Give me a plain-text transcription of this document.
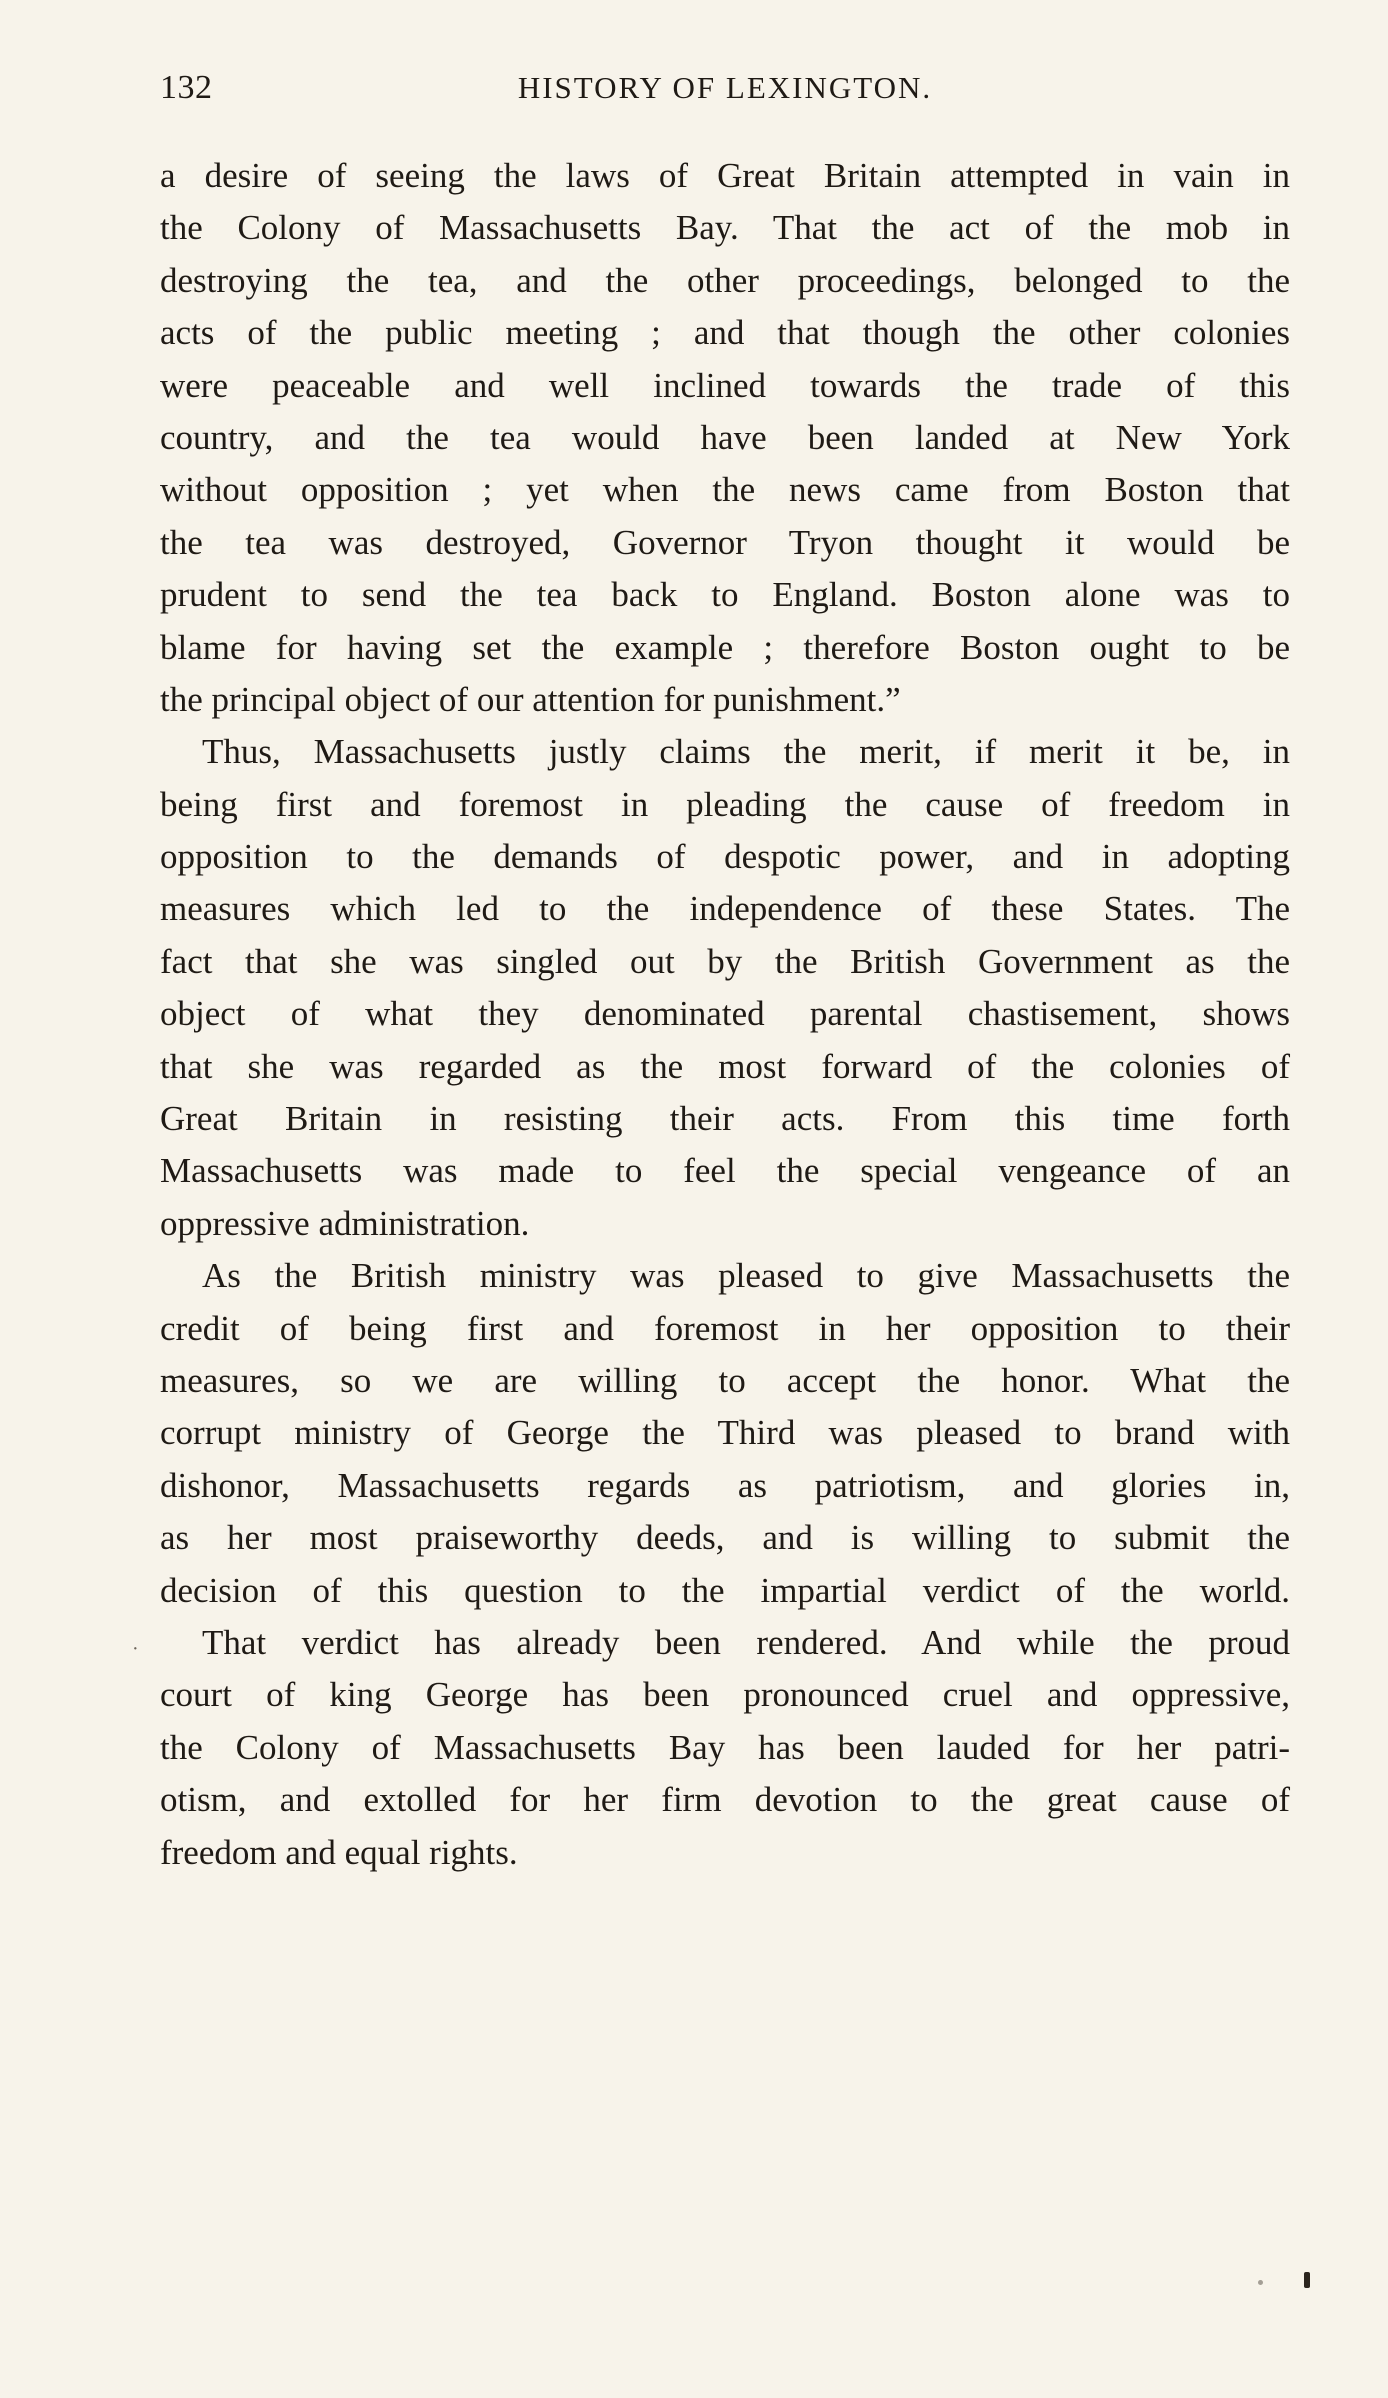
132	HISTORY OF LEXINGTON.
a desire of seeing the laws of Great Britain attempted in vain in
the Colony of Massachusetts Bay. That the act of the mob in
destroying the tea, and the other proceedings, belonged to the
acts of the public meeting ; and that though the other colonies
were peaceable and well inclined towards the trade of this
country, and the tea would have been landed at New York
without opposition ; yet when the news came from Boston that
the tea was destroyed, Governor Tryon thought it would be
prudent to send the tea back to England. Boston alone was to
blame for having set the example ; therefore Boston ought to be
the principal object of our attention for punishment.”
Thus, Massachusetts justly claims the merit, if merit it be, in
being first and foremost in pleading the cause of freedom in
opposition to the demands of despotic power, and in adopting
measures which led to the independence of these States. The
fact that she was singled out by the British Government as the
object of what they denominated parental chastisement, shows
that she was regarded as the most forward of the colonies of
Great Britain in resisting their acts. From this time forth
Massachusetts was made to feel the special vengeance of an
oppressive administration.
As the British ministry was pleased to give Massachusetts the
credit of being first and foremost in her opposition to their
measures, so we are willing to accept the honor. What the
corrupt ministry of George the Third was pleased to brand with
dishonor, Massachusetts regards as patriotism, and glories in,
as her most praiseworthy deeds, and is willing to submit the
decision of this question to the impartial verdict of the world.
That verdict has already been rendered. And while the proud
court of king George has been pronounced cruel and oppressive,
the Colony of Massachusetts Bay has been lauded for her patri-
otism, and extolled for her firm devotion to the great cause of
freedom and equal rights.
·
